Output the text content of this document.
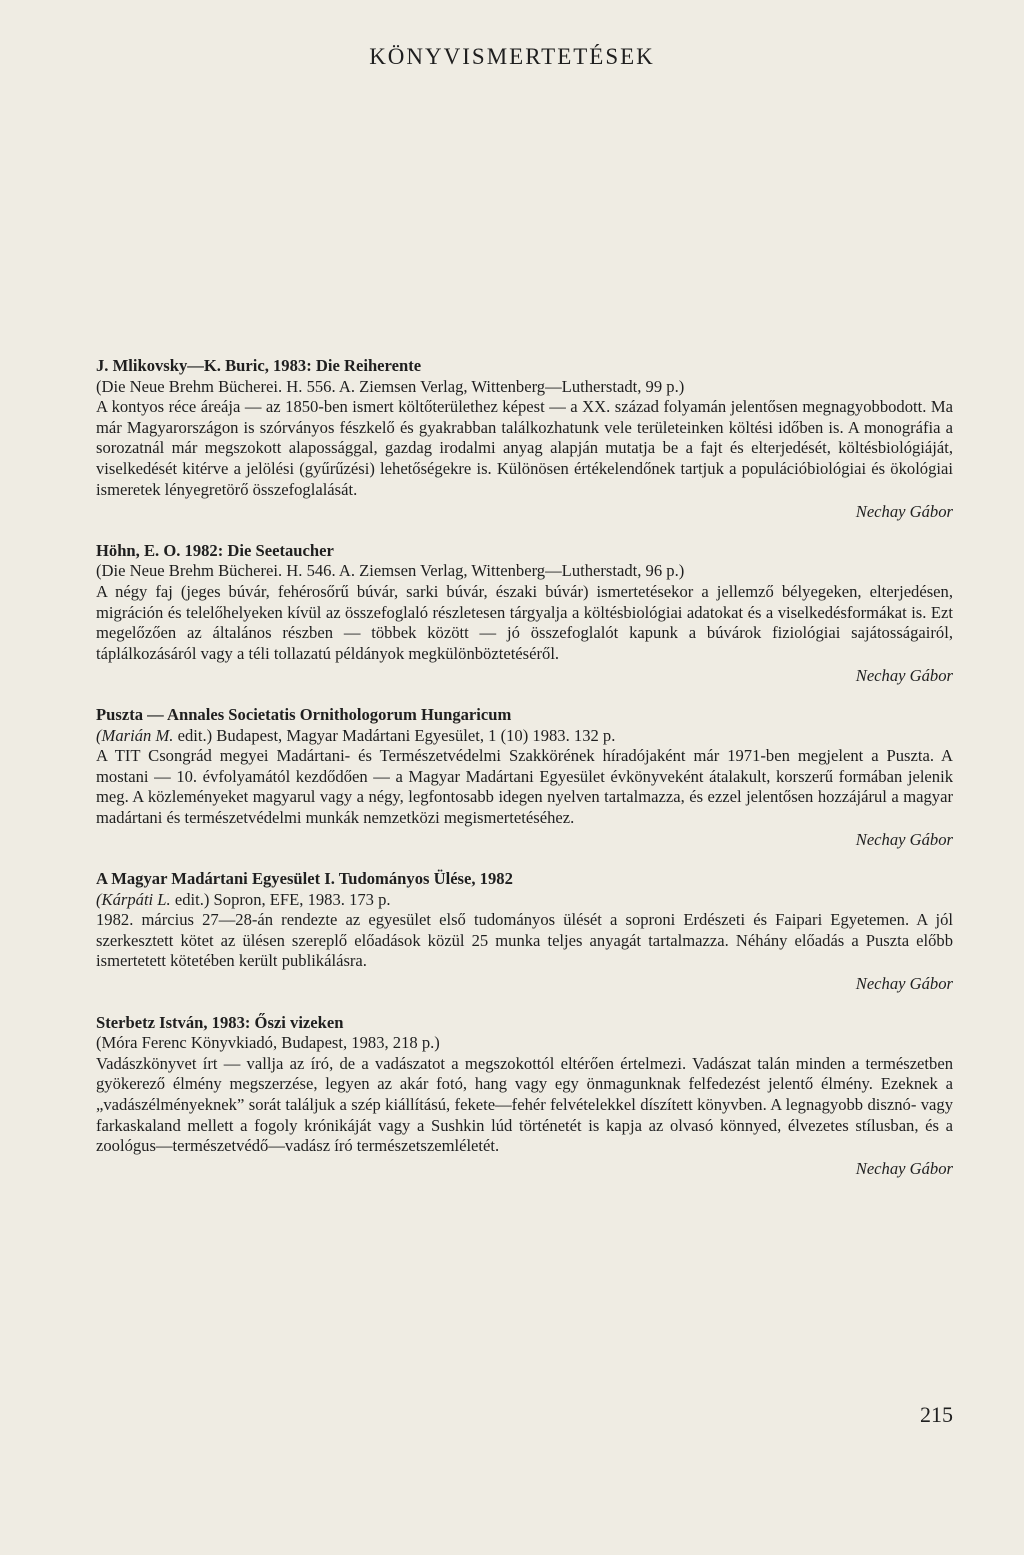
KÖNYVISMERTETÉSEK
J. Mlikovsky—K. Buric, 1983: Die Reiherente
(Die Neue Brehm Bücherei. H. 556. A. Ziemsen Verlag, Wittenberg—Lutherstadt, 99 p.)
A kontyos réce áreája — az 1850-ben ismert költőterülethez képest — a XX. század folyamán jelentősen megnagyobbodott. Ma már Magyarországon is szórványos fészkelő és gyakrabban találkozhatunk vele területeinken költési időben is. A monográfia a sorozatnál már megszokott alapossággal, gazdag irodalmi anyag alapján mutatja be a fajt és elterjedését, költésbiológiáját, viselkedését kitérve a jelölési (gyűrűzési) lehetőségekre is. Különösen értékelendőnek tartjuk a populációbiológiai és ökológiai ismeretek lényegretörő összefoglalását.
Nechay Gábor
Höhn, E. O. 1982: Die Seetaucher
(Die Neue Brehm Bücherei. H. 546. A. Ziemsen Verlag, Wittenberg—Lutherstadt, 96 p.)
A négy faj (jeges búvár, fehérosőrű búvár, sarki búvár, északi búvár) ismertetésekor a jellemző bélyegeken, elterjedésen, migráción és telelőhelyeken kívül az összefoglaló részletesen tárgyalja a költésbiológiai adatokat és a viselkedésformákat is. Ezt megelőzően az általános részben — többek között — jó összefoglalót kapunk a búvárok fiziológiai sajátosságairól, táplálkozásáról vagy a téli tollazatú példányok megkülönböztetéséről.
Nechay Gábor
Puszta — Annales Societatis Ornithologorum Hungaricum
(Marián M. edit.) Budapest, Magyar Madártani Egyesület, 1 (10) 1983. 132 p.
A TIT Csongrád megyei Madártani- és Természetvédelmi Szakkörének híradójaként már 1971-ben megjelent a Puszta. A mostani — 10. évfolyamától kezdődően — a Magyar Madártani Egyesület évkönyveként átalakult, korszerű formában jelenik meg. A közleményeket magyarul vagy a négy, legfontosabb idegen nyelven tartalmazza, és ezzel jelentősen hozzájárul a magyar madártani és természetvédelmi munkák nemzetközi megismertetéséhez.
Nechay Gábor
A Magyar Madártani Egyesület I. Tudományos Ülése, 1982
(Kárpáti L. edit.) Sopron, EFE, 1983. 173 p.
1982. március 27—28-án rendezte az egyesület első tudományos ülését a soproni Erdészeti és Faipari Egyetemen. A jól szerkesztett kötet az ülésen szereplő előadások közül 25 munka teljes anyagát tartalmazza. Néhány előadás a Puszta előbb ismertetett kötetében került publikálásra.
Nechay Gábor
Sterbetz István, 1983: Őszi vizeken
(Móra Ferenc Könyvkiadó, Budapest, 1983, 218 p.)
Vadászkönyvet írt — vallja az író, de a vadászatot a megszokottól eltérően értelmezi. Vadászat talán minden a természetben gyökerező élmény megszerzése, legyen az akár fotó, hang vagy egy önmagunknak felfedezést jelentő élmény. Ezeknek a „vadászélményeknek” sorát találjuk a szép kiállítású, fekete—fehér felvételekkel díszített könyvben. A legnagyobb disznó- vagy farkaskaland mellett a fogoly krónikáját vagy a Sushkin lúd történetét is kapja az olvasó könnyed, élvezetes stílusban, és a zoológus—természetvédő—vadász író természetszemléletét.
Nechay Gábor
215
